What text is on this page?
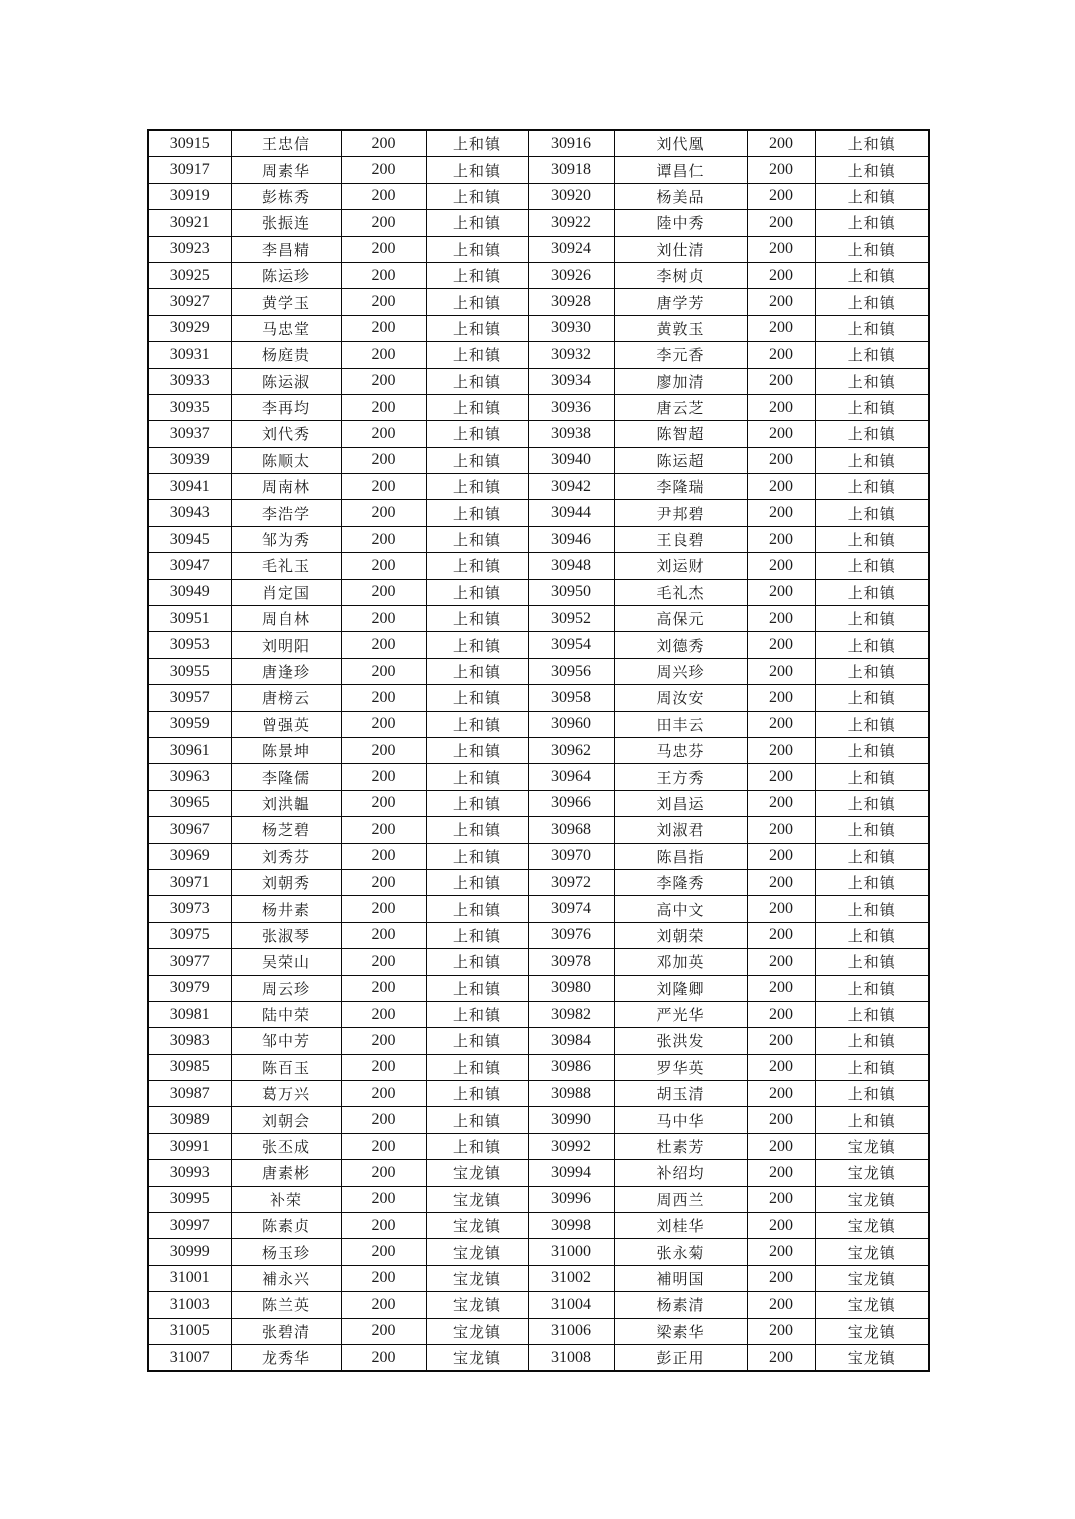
30915	王忠信	200	上和镇	30916	刘代凰	200	上和镇
30917	周素华	200	上和镇	30918	谭昌仁	200	上和镇
30919	彭栋秀	200	上和镇	30920	杨美品	200	上和镇
30921	张振连	200	上和镇	30922	陸中秀	200	上和镇
30923	李昌精	200	上和镇	30924	刘仕清	200	上和镇
30925	陈运珍	200	上和镇	30926	李树贞	200	上和镇
30927	黄学玉	200	上和镇	30928	唐学芳	200	上和镇
30929	马忠堂	200	上和镇	30930	黄敦玉	200	上和镇
30931	杨庭贵	200	上和镇	30932	李元香	200	上和镇
30933	陈运淑	200	上和镇	30934	廖加清	200	上和镇
30935	李再均	200	上和镇	30936	唐云芝	200	上和镇
30937	刘代秀	200	上和镇	30938	陈智超	200	上和镇
30939	陈顺太	200	上和镇	30940	陈运超	200	上和镇
30941	周南林	200	上和镇	30942	李隆瑞	200	上和镇
30943	李浩学	200	上和镇	30944	尹邦碧	200	上和镇
30945	邹为秀	200	上和镇	30946	王良碧	200	上和镇
30947	毛礼玉	200	上和镇	30948	刘运财	200	上和镇
30949	肖定国	200	上和镇	30950	毛礼杰	200	上和镇
30951	周自林	200	上和镇	30952	高保元	200	上和镇
30953	刘明阳	200	上和镇	30954	刘德秀	200	上和镇
30955	唐逢珍	200	上和镇	30956	周兴珍	200	上和镇
30957	唐榜云	200	上和镇	30958	周汝安	200	上和镇
30959	曾强英	200	上和镇	30960	田丰云	200	上和镇
30961	陈景坤	200	上和镇	30962	马忠芬	200	上和镇
30963	李隆儒	200	上和镇	30964	王方秀	200	上和镇
30965	刘洪韞	200	上和镇	30966	刘昌运	200	上和镇
30967	杨芝碧	200	上和镇	30968	刘淑君	200	上和镇
30969	刘秀芬	200	上和镇	30970	陈昌指	200	上和镇
30971	刘朝秀	200	上和镇	30972	李隆秀	200	上和镇
30973	杨井素	200	上和镇	30974	高中文	200	上和镇
30975	张淑琴	200	上和镇	30976	刘朝荣	200	上和镇
30977	吴荣山	200	上和镇	30978	邓加英	200	上和镇
30979	周云珍	200	上和镇	30980	刘隆卿	200	上和镇
30981	陆中荣	200	上和镇	30982	严光华	200	上和镇
30983	邹中芳	200	上和镇	30984	张洪发	200	上和镇
30985	陈百玉	200	上和镇	30986	罗华英	200	上和镇
30987	葛万兴	200	上和镇	30988	胡玉清	200	上和镇
30989	刘朝会	200	上和镇	30990	马中华	200	上和镇
30991	张丕成	200	上和镇	30992	杜素芳	200	宝龙镇
30993	唐素彬	200	宝龙镇	30994	补绍均	200	宝龙镇
30995	补荣	200	宝龙镇	30996	周西兰	200	宝龙镇
30997	陈素贞	200	宝龙镇	30998	刘桂华	200	宝龙镇
30999	杨玉珍	200	宝龙镇	31000	张永菊	200	宝龙镇
31001	補永兴	200	宝龙镇	31002	補明国	200	宝龙镇
31003	陈兰英	200	宝龙镇	31004	杨素清	200	宝龙镇
31005	张碧清	200	宝龙镇	31006	梁素华	200	宝龙镇
31007	龙秀华	200	宝龙镇	31008	彭正用	200	宝龙镇
